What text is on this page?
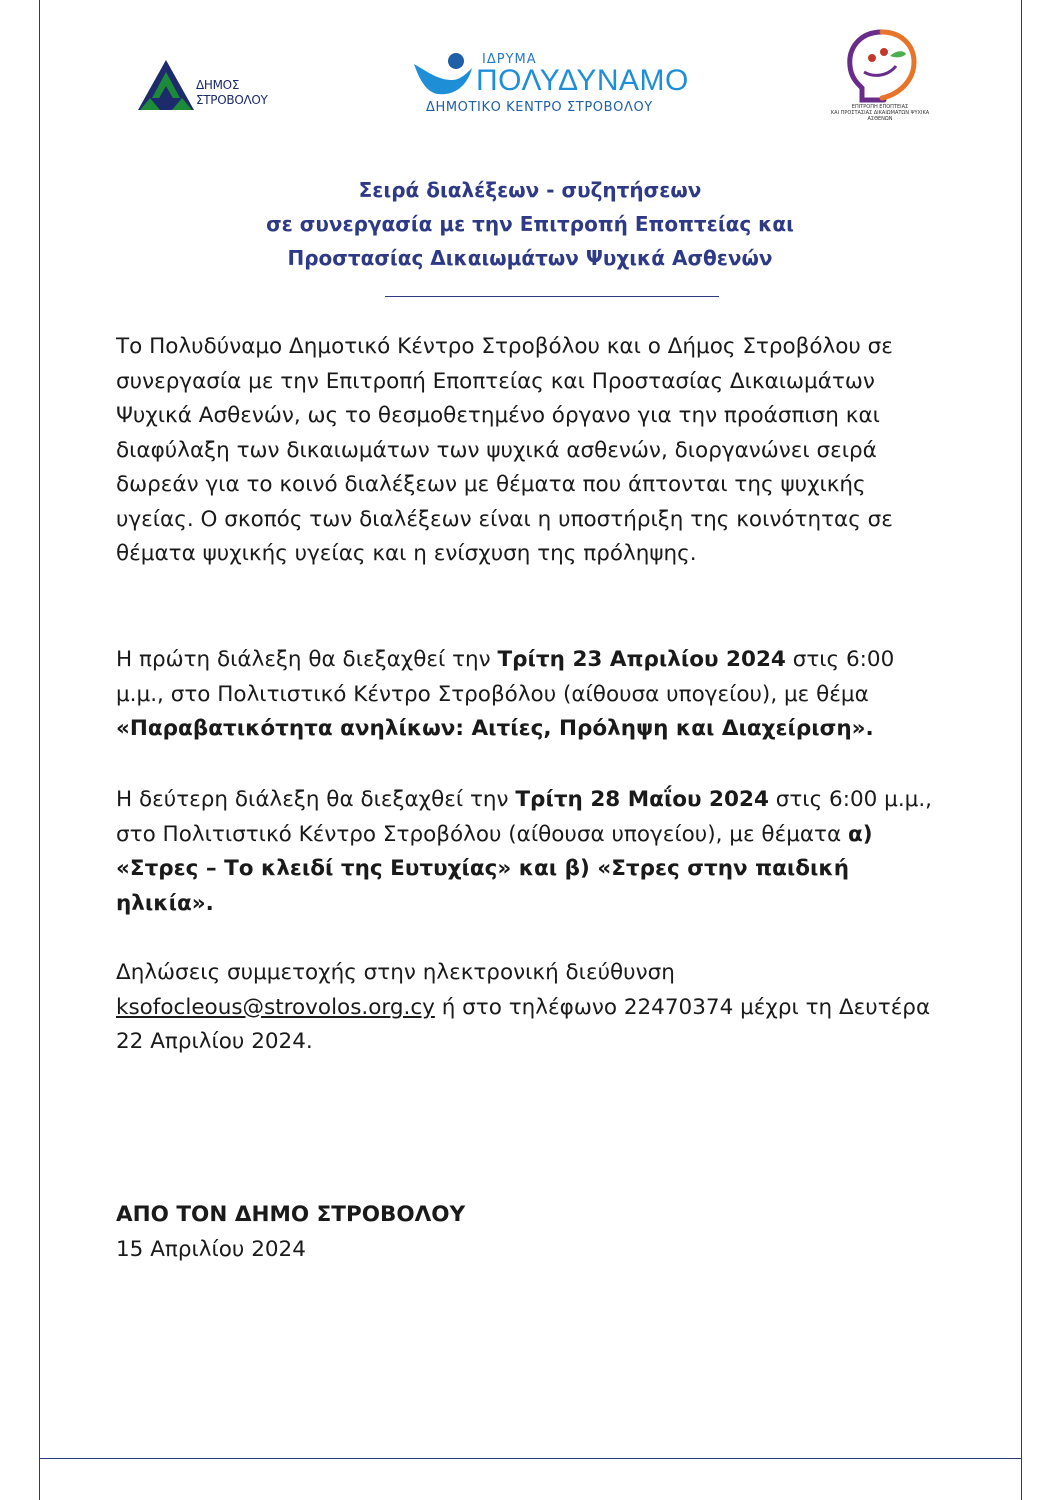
ΔΗΜΟΣ
ΣΤΡΟΒΟΛΟΥ
ΙΔΡΥΜΑ
ΠΟΛΥΔΥΝΑΜΟ
ΔΗΜΟΤΙΚΟ ΚΕΝΤΡΟ ΣΤΡΟΒΟΛΟΥ	ΕΠΙΤΡΟΠΗ ΕΠΟΠΤΕΙΑΣ
ΚΑΙ ΠΡΟΣΤΑΣΙΑΣ ΔΙΚΑΙΩΜΑΤΩΝ ΨΥΧΙΚΑ ΑΣΘΕΝΩΝ
Σειρά διαλέξεων - συζητήσεων
σε συνεργασία με την Επιτροπή Εποπτείας και
Προστασίας Δικαιωμάτων Ψυχικά Ασθενών
Το Πολυδύναμο Δημοτικό Κέντρο Στροβόλου και ο Δήμος Στροβόλου σε συνεργασία με την Επιτροπή Εποπτείας και Προστασίας Δικαιωμάτων Ψυχικά Ασθενών, ως το θεσμοθετημένο όργανο για την προάσπιση και διαφύλαξη των δικαιωμάτων των ψυχικά ασθενών, διοργανώνει σειρά δωρεάν για το κοινό διαλέξεων με θέματα που άπτονται της ψυχικής υγείας. Ο σκοπός των διαλέξεων είναι η υποστήριξη της κοινότητας σε θέματα ψυχικής υγείας και η ενίσχυση της πρόληψης.
Η πρώτη διάλεξη θα διεξαχθεί την Τρίτη 23 Απριλίου 2024 στις 6:00 μ.μ., στο Πολιτιστικό Κέντρο Στροβόλου (αίθουσα υπογείου), με θέμα «Παραβατικότητα ανηλίκων: Αιτίες, Πρόληψη και Διαχείριση».
Η δεύτερη διάλεξη θα διεξαχθεί την Τρίτη 28 Μαΐου 2024 στις 6:00 μ.μ., στο Πολιτιστικό Κέντρο Στροβόλου (αίθουσα υπογείου), με θέματα α) «Στρες – Το κλειδί της Ευτυχίας» και β) «Στρες στην παιδική ηλικία».
Δηλώσεις συμμετοχής στην ηλεκτρονική διεύθυνση ksofocleous@strovolos.org.cy ή στο τηλέφωνο 22470374 μέχρι τη Δευτέρα 22 Απριλίου 2024.
ΑΠΟ ΤΟΝ ΔΗΜΟ ΣΤΡΟΒΟΛΟΥ
15 Απριλίου 2024
